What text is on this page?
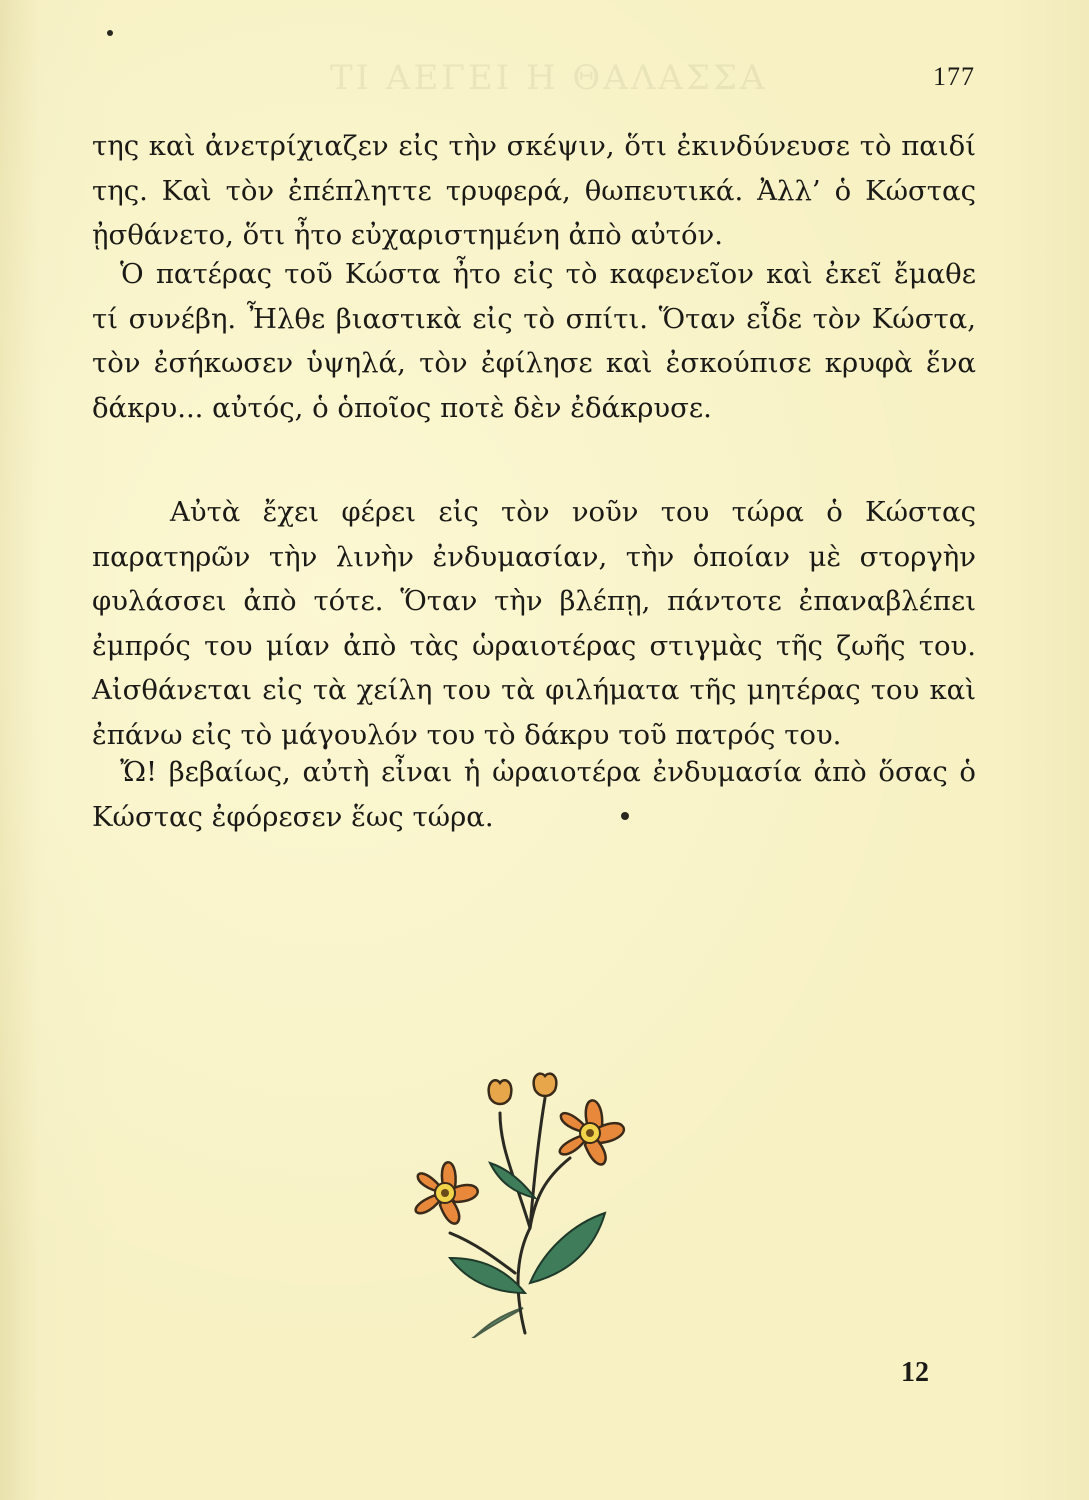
TI AEΓEI H ΘAΛAΣΣA	177

της καὶ ἀνετρίχιαζεν εἰς τὴν σκέψιν, ὅτι ἐκινδύνευσε τὸ παιδί της. Καὶ τὸν ἐπέπληττε τρυφερά, θωπευτικά. Ἀλλ’ ὁ Κώστας ᾐσθάνετο, ὅτι ἦτο εὐχαριστημένη ἀπὸ αὐτόν.

Ὁ πατέρας τοῦ Κώστα ἦτο εἰς τὸ καφενεῖον καὶ ἐκεῖ ἔμαθε τί συνέβη. Ἦλθε βιαστικὰ εἰς τὸ σπίτι. Ὅταν εἶδε τὸν Κώστα, τὸν ἐσήκωσεν ὑψηλά, τὸν ἐφίλησε καὶ ἐσκούπισε κρυφὰ ἕνα δάκρυ... αὐτός, ὁ ὁποῖος ποτὲ δὲν ἐδάκρυσε.

Αὐτὰ ἔχει φέρει εἰς τὸν νοῦν του τώρα ὁ Κώστας παρατηρῶν τὴν λινὴν ἐνδυμασίαν, τὴν ὁποίαν μὲ στοργὴν φυλάσσει ἀπὸ τότε. Ὅταν τὴν βλέπῃ, πάντοτε ἐπαναβλέπει ἐμπρός του μίαν ἀπὸ τὰς ὡραιοτέρας στιγμὰς τῆς ζωῆς του. Αἰσθάνεται εἰς τὰ χείλη του τὰ φιλήματα τῆς μητέρας του καὶ ἐπάνω εἰς τὸ μάγουλόν του τὸ δάκρυ τοῦ πατρός του.

Ὤ! βεβαίως, αὐτὴ εἶναι ἡ ὡραιοτέρα ἐνδυμασία ἀπὸ ὅσας ὁ Κώστας ἐφόρεσεν ἕως τώρα.

12
